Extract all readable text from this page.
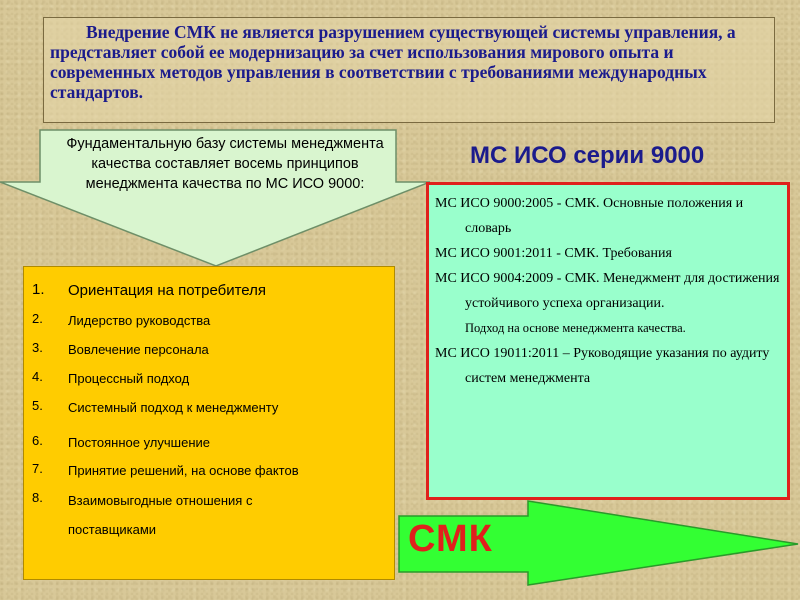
Внедрение СМК не является разрушением существующей системы управления, а представляет собой ее модернизацию за счет использования мирового опыта и современных методов управления в соответствии с требованиями международных стандартов.

Фундаментальную базу системы менеджмента качества составляет восемь принципов менеджмента качества по МС ИСО 9000:
МС ИСО серии 9000
1. Ориентация на потребителя
2. Лидерство руководства
3. Вовлечение персонала
4. Процессный подход
5. Системный подход к менеджменту
6. Постоянное улучшение
7. Принятие решений, на основе фактов
8. Взаимовыгодные отношения с поставщиками

МС ИСО 9000:2005 - СМК. Основные положения и словарь

МС ИСО 9001:2011 - СМК. Требования

МС ИСО 9004:2009 - СМК. Менеджмент для достижения устойчивого успеха организации.

Подход на основе менеджмента качества.

МС ИСО 19011:2011 – Руководящие указания по аудиту систем менеджмента

СМК
